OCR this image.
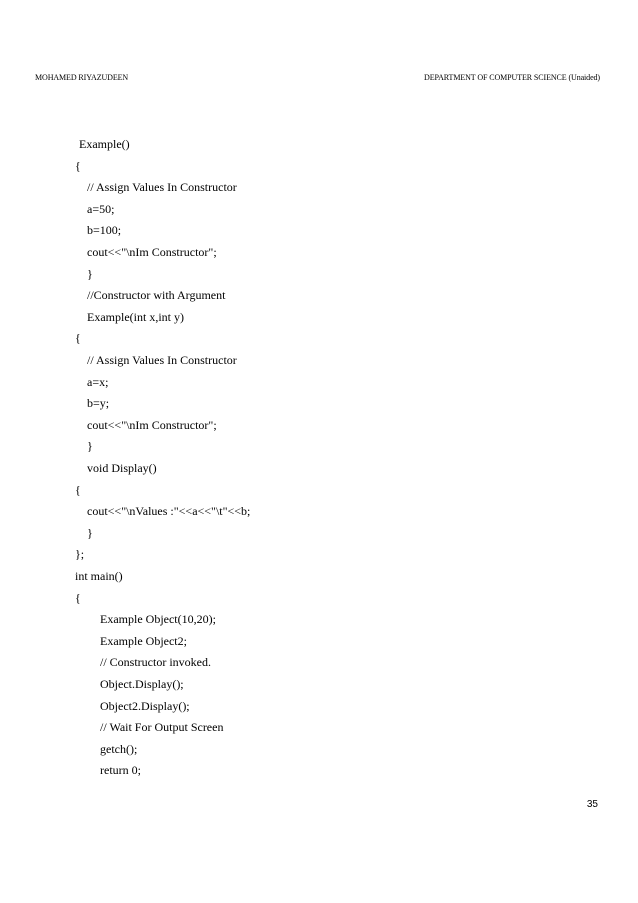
MOHAMED RIYAZUDEEN	DEPARTMENT OF COMPUTER SCIENCE (Unaided)
Example()
{
// Assign Values In Constructor
a=50;
b=100;
cout<<"\nIm Constructor";
}
//Constructor with Argument
Example(int x,int y)
{
// Assign Values In Constructor
a=x;
b=y;
cout<<"\nIm Constructor";
}
void Display()
{
cout<<"\nValues :"<<a<<"\t"<<b;
}
};
int main()
{
Example Object(10,20);
Example Object2;
// Constructor invoked.
Object.Display();
Object2.Display();
// Wait For Output Screen
getch();
return 0;
35
